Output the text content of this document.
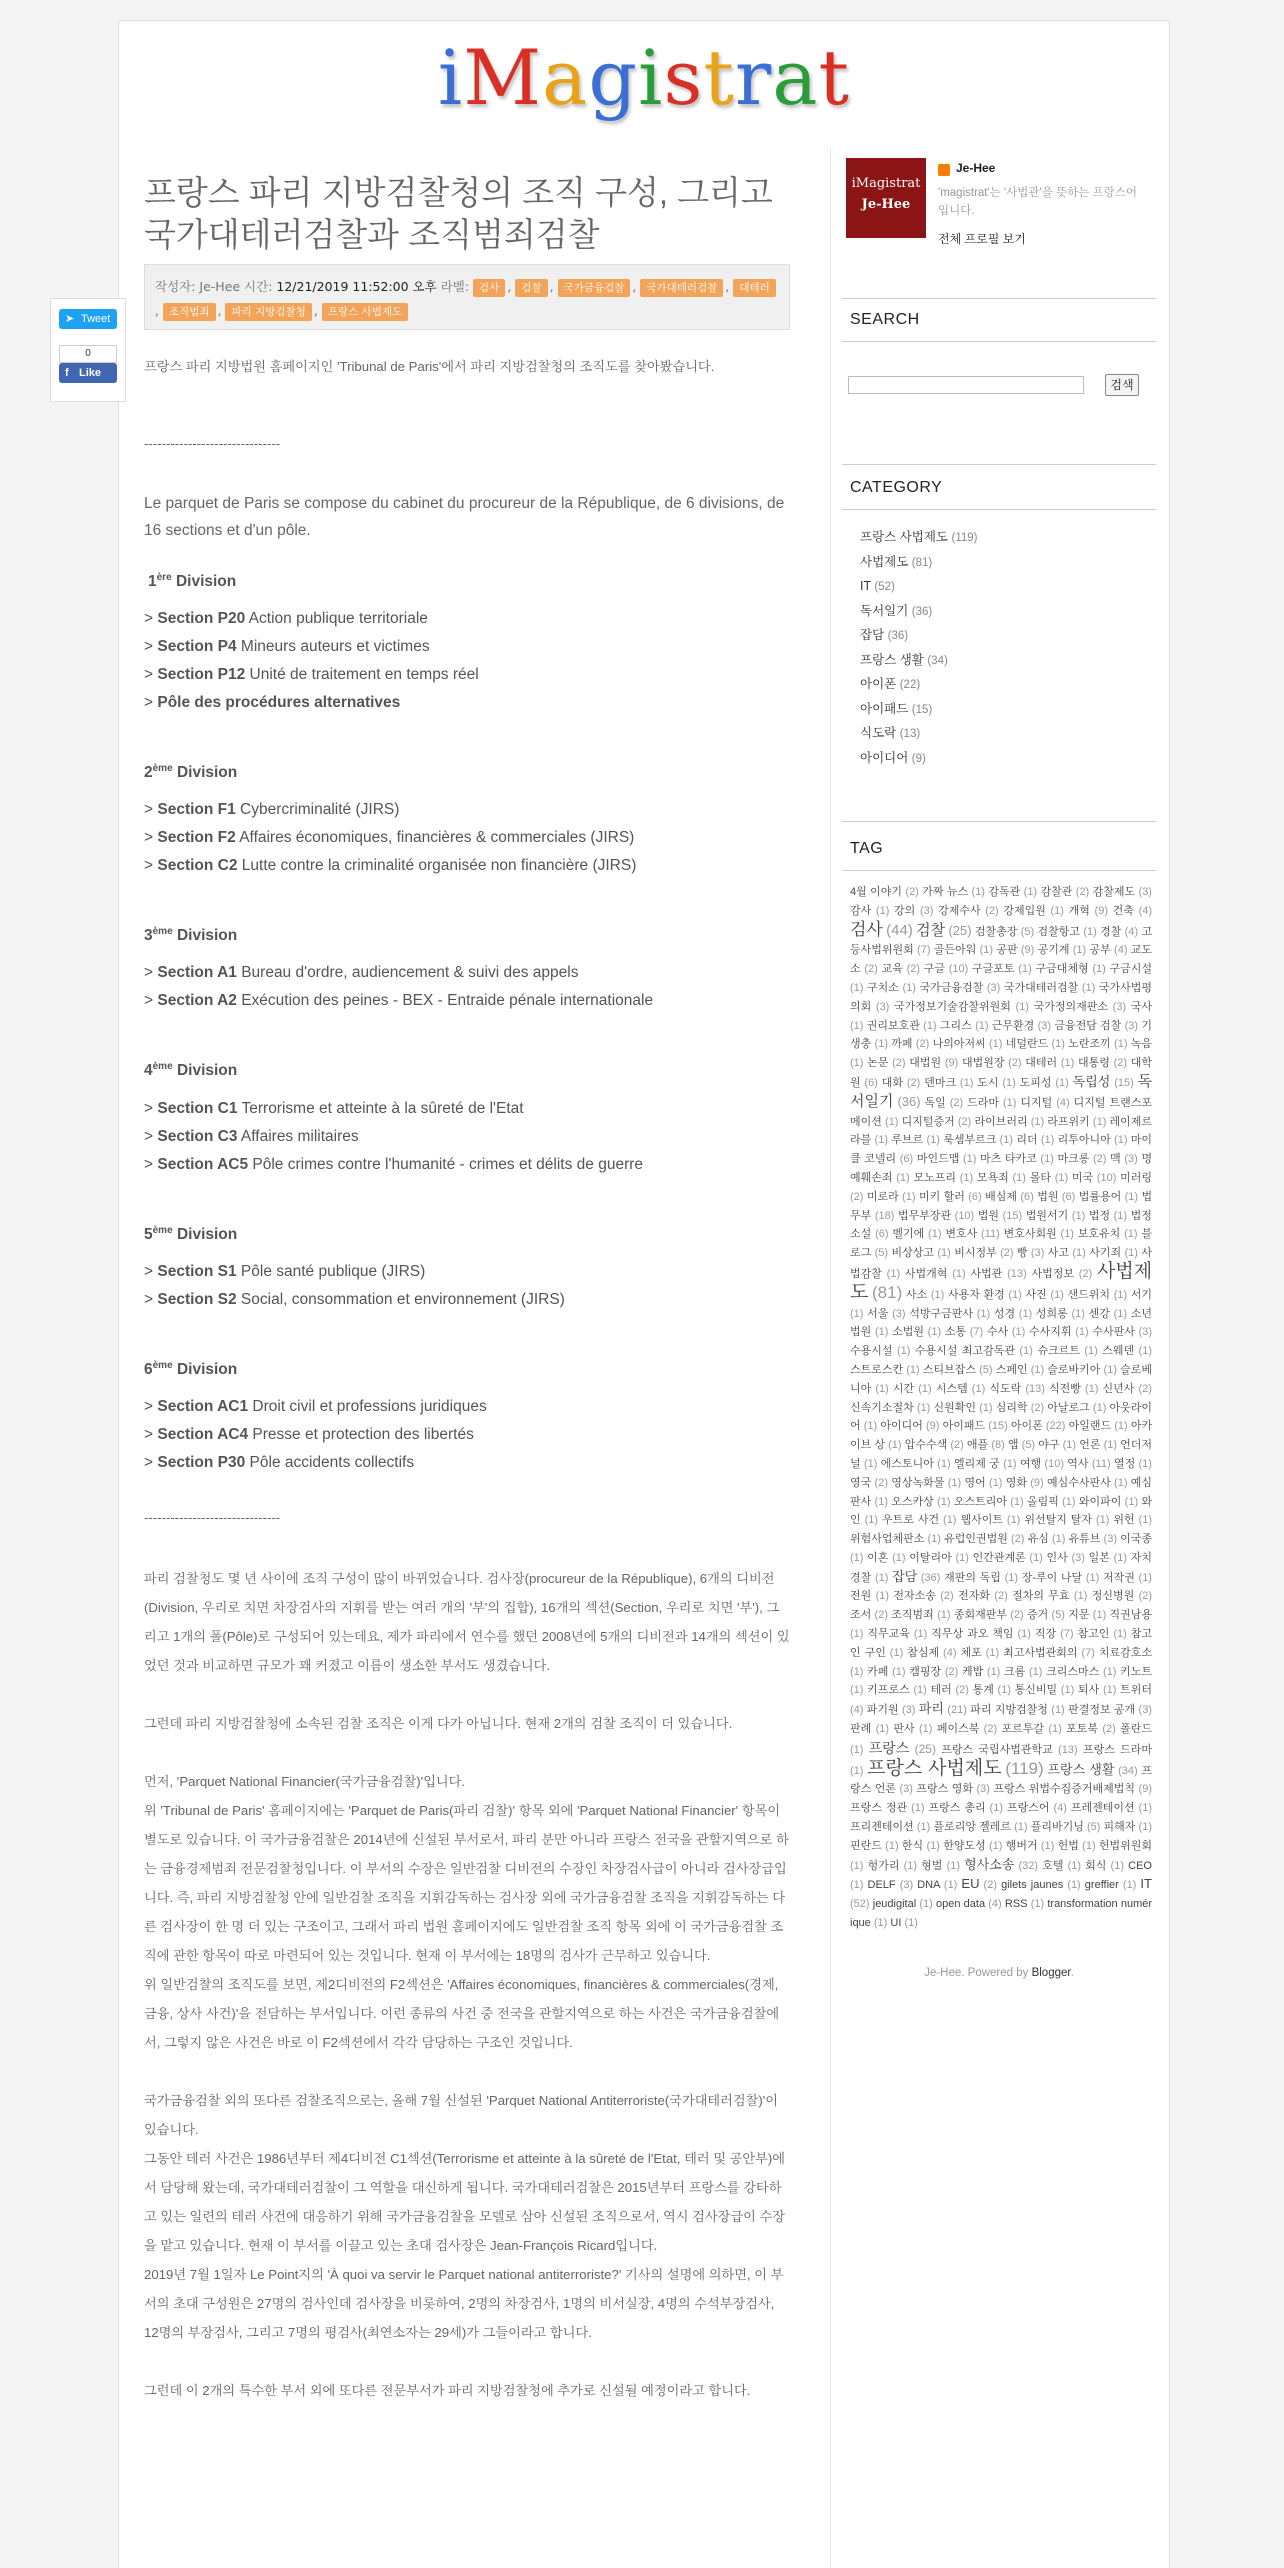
iMagistrat
➤ Tweet
0
f Like
프랑스 파리 지방검찰청의 조직 구성, 그리고 국가대테러검찰과 조직범죄검찰
작성자: Je-Hee 시간: 12/21/2019 11:52:00 오후 라벨: 검사 , 검찰 , 국가금융검찰 , 국가대테러검찰 , 대테러, 조직범죄 , 파리 지방검찰청 , 프랑스 사법제도

프랑스 파리 지방법원 홈페이지인 'Tribunal de Paris'에서 파리 지방검찰청의 조직도를 찾아봤습니다.

-------------------------------

Le parquet de Paris se compose du cabinet du procureur de la République, de 6 divisions, de 16 sections et d'un pôle.

1ère Division

> Section P20 Action publique territoriale

> Section P4 Mineurs auteurs et victimes

> Section P12 Unité de traitement en temps réel

> Pôle des procédures alternatives

2ème Division

> Section F1 Cybercriminalité (JIRS)

> Section F2 Affaires économiques, financières & commerciales (JIRS)

> Section C2 Lutte contre la criminalité organisée non financière (JIRS)

3ème Division

> Section A1 Bureau d'ordre, audiencement & suivi des appels

> Section A2 Exécution des peines - BEX - Entraide pénale internationale

4ème Division

> Section C1 Terrorisme et atteinte à la sûreté de l'Etat

> Section C3 Affaires militaires

> Section AC5 Pôle crimes contre l'humanité - crimes et délits de guerre

5ème Division

> Section S1 Pôle santé publique (JIRS)

> Section S2 Social, consommation et environnement (JIRS)

6ème Division

> Section AC1 Droit civil et professions juridiques

> Section AC4 Presse et protection des libertés

> Section P30 Pôle accidents collectifs

-------------------------------

파리 검찰청도 몇 년 사이에 조직 구성이 많이 바뀌었습니다. 검사장(procureur de la République), 6개의 디비전(Division, 우리로 치면 차장검사의 지휘를 받는 여러 개의 '부'의 집합), 16개의 섹션(Section, 우리로 치면 '부'), 그리고 1개의 폴(Pôle)로 구성되어 있는데요, 제가 파리에서 연수를 했던 2008년에 5개의 디비전과 14개의 섹션이 있었던 것과 비교하면 규모가 꽤 커졌고 이름이 생소한 부서도 생겼습니다.

그런데 파리 지방검찰청에 소속된 검찰 조직은 이게 다가 아닙니다. 현재 2개의 검찰 조직이 더 있습니다.

먼저, 'Parquet National Financier(국가금융검찰)'입니다.

위 'Tribunal de Paris' 홈페이지에는 'Parquet de Paris(파리 검찰)' 항목 외에 'Parquet National Financier' 항목이 별도로 있습니다. 이 국가금융검찰은 2014년에 신설된 부서로서, 파리 분만 아니라 프랑스 전국을 관할지역으로 하는 금융경제범죄 전문검찰청입니다. 이 부서의 수장은 일반검찰 디비전의 수장인 차장검사급이 아니라 검사장급입니다. 즉, 파리 지방검찰청 안에 일반검찰 조직을 지휘감독하는 검사장 외에 국가금융검찰 조직을 지휘감독하는 다른 검사장이 한 명 더 있는 구조이고, 그래서 파리 법원 홈페이지에도 일반검찰 조직 항목 외에 이 국가금융검찰 조직에 관한 항목이 따로 마련되어 있는 것입니다. 현재 이 부서에는 18명의 검사가 근무하고 있습니다.

위 일반검찰의 조직도를 보면, 제2디비전의 F2섹션은 'Affaires économiques, financières & commerciales(경제, 금융, 상사 사건)'을 전담하는 부서입니다. 이런 종류의 사건 중 전국을 관할지역으로 하는 사건은 국가금융검찰에서, 그렇지 않은 사건은 바로 이 F2섹션에서 각각 담당하는 구조인 것입니다.

국가금융검찰 외의 또다른 검찰조직으로는, 올해 7월 신설된 'Parquet National Antiterroriste(국가대테러검찰)'이 있습니다.

그동안 테러 사건은 1986년부터 제4디비전 C1섹션(Terrorisme et atteinte à la sûreté de l'Etat, 테러 및 공안부)에서 담당해 왔는데, 국가대테러검찰이 그 역할을 대신하게 됩니다. 국가대테러검찰은 2015년부터 프랑스를 강타하고 있는 일련의 테러 사건에 대응하기 위해 국가금융검찰을 모델로 삼아 신설된 조직으로서, 역시 검사장급이 수장을 맡고 있습니다. 현재 이 부서를 이끌고 있는 초대 검사장은 Jean-François Ricard입니다.

2019년 7월 1일자 Le Point지의 'À quoi va servir le Parquet national antiterroriste?' 기사의 설명에 의하면, 이 부서의 초대 구성원은 27명의 검사인데 검사장을 비롯하여, 2명의 차장검사, 1명의 비서실장, 4명의 수석부장검사, 12명의 부장검사, 그리고 7명의 평검사(최연소자는 29세)가 그들이라고 합니다.

그런데 이 2개의 특수한 부서 외에 또다른 전문부서가 파리 지방검찰청에 추가로 신설될 예정이라고 합니다.

iMagistrat
Je-Hee
Je-Hee
'magistrat'는 '사법관'을 뜻하는 프랑스어입니다.
전체 프로필 보기
SEARCH
검색
CATEGORY
프랑스 사법제도 (119)
사법제도 (81)
IT (52)
독서일기 (36)
잡담 (36)
프랑스 생활 (34)
아이폰 (22)
아이패드 (15)
식도락 (13)
아이디어 (9)
TAG
4월 이야기 (2) 가짜 뉴스 (1) 감독관 (1) 감찰관 (2) 감찰제도 (3) 감사 (1) 강의 (3) 강제수사 (2) 강제입원 (1) 개혁 (9) 건축 (4) 검사 (44) 검찰 (25) 검찰총장 (5) 검찰항고 (1) 경찰 (4) 고등사법위원회 (7) 골든아워 (1) 공판 (9) 공기계 (1) 공부 (4) 교도소 (2) 교육 (2) 구글 (10) 구글포토 (1) 구금대체형 (1) 구금시설 (1) 구치소 (1) 국가금융검찰 (3) 국가대테러검찰 (1) 국가사법평의회 (3) 국가정보기술감찰위원회 (1) 국가정의재판소 (3) 국사 (1) 권리보호관 (1) 그리스 (1) 근무환경 (3) 금융전담 검찰 (3) 기생충 (1) 까페 (2) 나의아저씨 (1) 네덜란드 (1) 노란조끼 (1) 녹음 (1) 논문 (2) 대법원 (9) 대법원장 (2) 대테러 (1) 대통령 (2) 대학원 (6) 대화 (2) 덴마크 (1) 도시 (1) 도피성 (1) 독립성 (15) 독서일기 (36) 독일 (2) 드라마 (1) 디지털 (4) 디지털 트랜스포메이션 (1) 디지털증거 (2) 라이브러리 (1) 라프위키 (1) 레이제르라블 (1) 루브르 (1) 룩셈부르크 (1) 리더 (1) 리투아니아 (1) 마이클 코넬리 (6) 마인드맵 (1) 마츠 타카코 (1) 마크롱 (2) 맥 (3) 명예훼손죄 (1) 모노프리 (1) 모욕죄 (1) 몰타 (1) 미국 (10) 미러링 (2) 미로라 (1) 미키 할러 (6) 배심제 (6) 법원 (6) 법률용어 (1) 법무부 (18) 법무부장관 (10) 법원 (15) 법원서기 (1) 법정 (1) 법정소설 (6) 벨기에 (1) 변호사 (11) 변호사회원 (1) 보호유치 (1) 블로그 (5) 비상상고 (1) 비시정부 (2) 빵 (3) 사고 (1) 사기죄 (1) 사법감찰 (1) 사법개혁 (1) 사법관 (13) 사법정보 (2) 사법제도 (81) 사소 (1) 사용자 환경 (1) 사진 (1) 샌드위치 (1) 서기 (1) 서울 (3) 석방구금판사 (1) 성경 (1) 성희롱 (1) 센강 (1) 소년법원 (1) 소법원 (1) 소통 (7) 수사 (1) 수사지휘 (1) 수사판사 (3) 수용시설 (1) 수용시설 최고감독관 (1) 슈크르트 (1) 스웨덴 (1) 스트로스칸 (1) 스티브잡스 (5) 스페인 (1) 슬로바키아 (1) 슬로베니아 (1) 시간 (1) 시스템 (1) 식도락 (13) 식전빵 (1) 신년사 (2) 신속기소절차 (1) 신원확인 (1) 심리학 (2) 아날로그 (1) 아웃라이어 (1) 아이디어 (9) 아이패드 (15) 아이폰 (22) 아일랜드 (1) 아카이브 상 (1) 압수수색 (2) 애플 (8) 앱 (5) 야구 (1) 언론 (1) 언더저널 (1) 에스토니아 (1) 엘리제 궁 (1) 여행 (10) 역사 (11) 열정 (1) 영국 (2) 영상녹화물 (1) 영어 (1) 영화 (9) 예심수사판사 (1) 예심판사 (1) 오스카상 (1) 오스트리아 (1) 올림픽 (1) 와이파이 (1) 와인 (1) 우트로 사건 (1) 웹사이트 (1) 위선탈지 탈자 (1) 위헌 (1) 위험사업체판소 (1) 유럽인권법원 (2) 유심 (1) 유튜브 (3) 이국종 (1) 이혼 (1) 이탈리아 (1) 인간관계론 (1) 인사 (3) 일본 (1) 자치경찰 (1) 잡담 (36) 재판의 독립 (1) 장-루이 나달 (1) 저작권 (1) 전원 (1) 전자소송 (2) 전자화 (2) 절차의 무효 (1) 정신병원 (2) 조서 (2) 조직범죄 (1) 종회재판부 (2) 증거 (5) 지문 (1) 직권남용 (1) 직무교육 (1) 직무상 과오 책임 (1) 직장 (7) 참고인 (1) 참고인 구인 (1) 참심제 (4) 체포 (1) 최고사법관회의 (7) 치료감호소 (1) 카페 (1) 캠핑장 (2) 케밥 (1) 크롬 (1) 크리스마스 (1) 키노트 (1) 키프로스 (1) 테러 (2) 통계 (1) 통신비밀 (1) 퇴사 (1) 트위터 (4) 파기원 (3) 파리 (21) 파리 지방검찰청 (1) 판결정보 공개 (3) 판례 (1) 판사 (1) 페이스북 (2) 포르투갈 (1) 포토북 (2) 폴란드 (1) 프랑스 (25) 프랑스 국립사법관학교 (13) 프랑스 드라마 (1) 프랑스 사법제도 (119) 프랑스 생활 (34) 프랑스 언론 (3) 프랑스 영화 (3) 프랑스 위법수집증거배제법칙 (9) 프랑스 정관 (1) 프랑스 총리 (1) 프랑스어 (4) 프레젠테이션 (1) 프리젠테이션 (1) 플로리앙 젤레르 (1) 플리바기닝 (5) 피해자 (1) 핀란드 (1) 한식 (1) 한양도성 (1) 행버거 (1) 헌법 (1) 헌법위원회 (1) 헝가리 (1) 형벌 (1) 형사소송 (32) 호텔 (1) 회식 (1) CEO (1) DELF (3) DNA (1) EU (2) gilets jaunes (1) greffier (1) IT (52) jeudigital (1) open data (4) RSS (1) transformation numérique (1) UI (1)
Je-Hee. Powered by Blogger.
